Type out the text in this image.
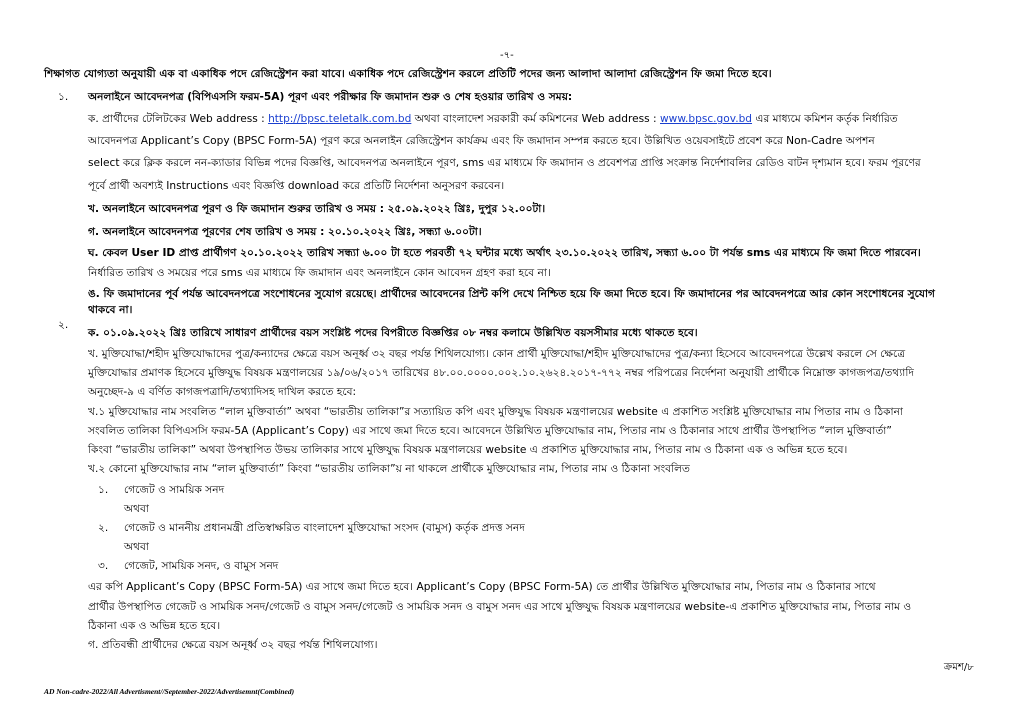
-৭-
শিক্ষাগত যোগ্যতা অনুযায়ী এক বা একাধিক পদে রেজিস্ট্রেশন করা যাবে। একাধিক পদে রেজিস্ট্রেশন করলে প্রতিটি পদের জন্য আলাদা আলাদা রেজিস্ট্রেশন ফি জমা দিতে হবে।
১. অনলাইনে আবেদনপত্র (বিপিএসসি ফরম-5A) পূরণ এবং পরীক্ষার ফি জমাদান শুরু ও শেষ হওয়ার তারিখ ও সময়:
ক. প্রার্থীদের টেলিটকের Web address : http://bpsc.teletalk.com.bd অথবা বাংলাদেশ সরকারী কর্ম কমিশনের Web address : www.bpsc.gov.bd এর মাধ্যমে কমিশন কর্তৃক নির্ধারিত
আবেদনপত্র Applicant’s Copy (BPSC Form-5A) পূরণ করে অনলাইন রেজিস্ট্রেশন কার্যক্রম এবং ফি জমাদান সম্পন্ন করতে হবে। উল্লিখিত ওয়েবসাইটে প্রবেশ করে Non-Cadre অপশন
select করে ক্লিক করলে নন-ক্যাডার বিভিন্ন পদের বিজ্ঞপ্তি, আবেদনপত্র অনলাইনে পূরণ, sms এর মাধ্যমে ফি জমাদান ও প্রবেশপত্র প্রাপ্তি সংক্রান্ত নির্দেশাবলির রেডিও বাটন দৃশ্যমান হবে। ফরম পূরণের
পূর্বে প্রার্থী অবশ্যই Instructions এবং বিজ্ঞপ্তি download করে প্রতিটি নির্দেশনা অনুসরণ করবেন।
খ. অনলাইনে আবেদনপত্র পূরণ ও ফি জমাদান শুরুর তারিখ ও সময় : ২৫.০৯.২০২২ খ্রিঃ, দুপুর ১২.০০টা।
গ. অনলাইনে আবেদনপত্র পূরণের শেষ তারিখ ও সময় : ২০.১০.২০২২ খ্রিঃ, সন্ধ্যা ৬.০০টা।
ঘ. কেবল User ID প্রাপ্ত প্রার্থীগণ ২০.১০.২০২২ তারিখ সন্ধ্যা ৬.০০ টা হতে পরবর্তী ৭২ ঘন্টার মধ্যে অর্থাৎ ২৩.১০.২০২২ তারিখ, সন্ধ্যা ৬.০০ টা পর্যন্ত sms এর মাধ্যমে ফি জমা দিতে পারবেন।
নির্ধারিত তারিখ ও সময়ের পরে sms এর মাধ্যমে ফি জমাদান এবং অনলাইনে কোন আবেদন গ্রহণ করা হবে না।
ঙ. ফি জমাদানের পূর্ব পর্যন্ত আবেদনপত্রে সংশোধনের সুযোগ রয়েছে। প্রার্থীদের আবেদনের প্রিন্ট কপি দেখে নিশ্চিত হয়ে ফি জমা দিতে হবে। ফি জমাদানের পর আবেদনপত্রে আর কোন সংশোধনের সুযোগ
থাকবে না।
২.
ক. ০১.০৯.২০২২ খ্রিঃ তারিখে সাধারণ প্রার্থীদের বয়স সংশ্লিষ্ট পদের বিপরীতে বিজ্ঞপ্তির ০৮ নম্বর কলামে উল্লিখিত বয়সসীমার মধ্যে থাকতে হবে।
খ. মুক্তিযোদ্ধা/শহীদ মুক্তিযোদ্ধাদের পুত্র/কন্যাদের ক্ষেত্রে বয়স অনূর্ধ্ব ৩২ বছর পর্যন্ত শিথিলযোগ্য। কোন প্রার্থী মুক্তিযোদ্ধা/শহীদ মুক্তিযোদ্ধাদের পুত্র/কন্যা হিসেবে আবেদনপত্রে উল্লেখ করলে সে ক্ষেত্রে
মুক্তিযোদ্ধার প্রমাণক হিসেবে মুক্তিযুদ্ধ বিষয়ক মন্ত্রণালয়ের ১৯/০৬/২০১৭ তারিখের ৪৮.০০.০০০০.০০২.১০.২৬২৪.২০১৭-৭৭২ নম্বর পরিপত্রের নির্দেশনা অনুযায়ী প্রার্থীকে নিম্নোক্ত কাগজপত্র/তথ্যাদি
অনুচ্ছেদ-৯ এ বর্ণিত কাগজপত্রাদি/তথ্যাদিসহ দাখিল করতে হবে:
খ.১ মুক্তিযোদ্ধার নাম সংবলিত “লাল মুক্তিবার্তা” অথবা “ভারতীয় তালিকা”র সত্যায়িত কপি এবং মুক্তিযুদ্ধ বিষয়ক মন্ত্রণালয়ের website এ প্রকাশিত সংশ্লিষ্ট মুক্তিযোদ্ধার নাম পিতার নাম ও ঠিকানা
সংবলিত তালিকা বিপিএসসি ফরম-5A (Applicant’s Copy) এর সাথে জমা দিতে হবে। আবেদনে উল্লিখিত মুক্তিযোদ্ধার নাম, পিতার নাম ও ঠিকানার সাথে প্রার্থীর উপস্থাপিত “লাল মুক্তিবার্তা”
কিংবা “ভারতীয় তালিকা” অথবা উপস্থাপিত উভয় তালিকার সাথে মুক্তিযুদ্ধ বিষয়ক মন্ত্রণালয়ের website এ প্রকাশিত মুক্তিযোদ্ধার নাম, পিতার নাম ও ঠিকানা এক ও অভিন্ন হতে হবে।
খ.২ কোনো মুক্তিযোদ্ধার নাম “লাল মুক্তিবার্তা” কিংবা “ভারতীয় তালিকা”য় না থাকলে প্রার্থীকে মুক্তিযোদ্ধার নাম, পিতার নাম ও ঠিকানা সংবলিত
১. গেজেট ও সাময়িক সনদ
অথবা
২. গেজেট ও মাননীয় প্রধানমন্ত্রী প্রতিস্বাক্ষরিত বাংলাদেশ মুক্তিযোদ্ধা সংসদ (বামুস) কর্তৃক প্রদত্ত সনদ
অথবা
৩. গেজেট, সাময়িক সনদ, ও বামুস সনদ
এর কপি Applicant’s Copy (BPSC Form-5A) এর সাথে জমা দিতে হবে। Applicant’s Copy (BPSC Form-5A) তে প্রার্থীর উল্লিখিত মুক্তিযোদ্ধার নাম, পিতার নাম ও ঠিকানার সাথে
প্রার্থীর উপস্থাপিত গেজেট ও সাময়িক সনদ/গেজেট ও বামুস সনদ/গেজেট ও সাময়িক সনদ ও বামুস সনদ এর সাথে মুক্তিযুদ্ধ বিষয়ক মন্ত্রণালয়ের website-এ প্রকাশিত মুক্তিযোদ্ধার নাম, পিতার নাম ও
ঠিকানা এক ও অভিন্ন হতে হবে।
গ. প্রতিবন্ধী প্রার্থীদের ক্ষেত্রে বয়স অনূর্ধ্ব ৩২ বছর পর্যন্ত শিথিলযোগ্য।
ক্রমশ/৮
AD Non-cadre-2022/All Advertisment//September-2022/Advertisemnt(Combined)
